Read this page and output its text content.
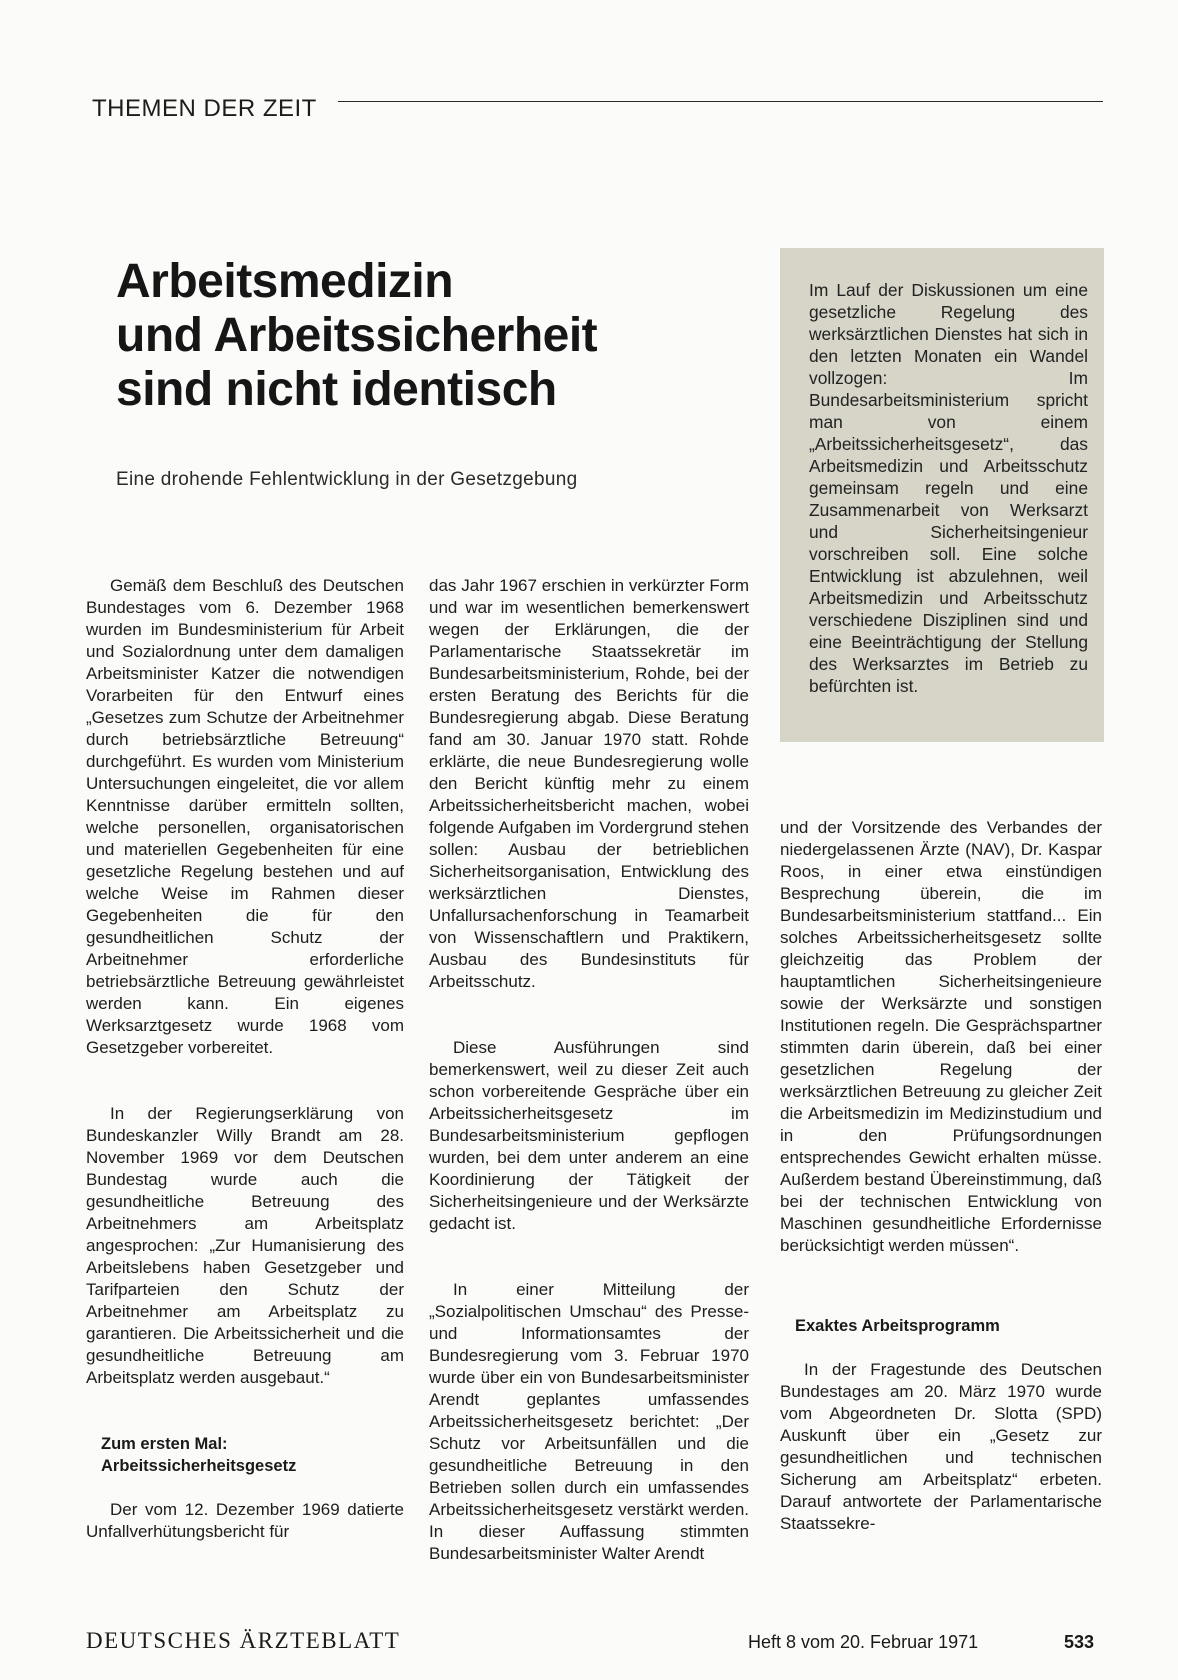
THEMEN DER ZEIT
Arbeitsmedizin
und Arbeitssicherheit
sind nicht identisch
Eine drohende Fehlentwicklung in der Gesetzgebung

Im Lauf der Diskussionen um eine gesetzliche Regelung des werksärztlichen Dienstes hat sich in den letzten Monaten ein Wandel vollzogen: Im Bundesarbeitsministerium spricht man von einem „Arbeitssicherheitsgesetz“, das Arbeitsmedizin und Arbeitsschutz gemeinsam regeln und eine Zusammenarbeit von Werksarzt und Sicherheitsingenieur vorschreiben soll. Eine solche Entwicklung ist abzulehnen, weil Arbeitsmedizin und Arbeitsschutz verschiedene Disziplinen sind und eine Beeinträchtigung der Stellung des Werksarztes im Betrieb zu befürchten ist.

Gemäß dem Beschluß des Deutschen Bundestages vom 6. Dezember 1968 wurden im Bundesministerium für Arbeit und Sozialordnung unter dem damaligen Arbeitsminister Katzer die notwendigen Vorarbeiten für den Entwurf eines „Gesetzes zum Schutze der Arbeitnehmer durch betriebsärztliche Betreuung“ durchgeführt. Es wurden vom Ministerium Untersuchungen eingeleitet, die vor allem Kenntnisse darüber ermitteln sollten, welche personellen, organisatorischen und materiellen Gegebenheiten für eine gesetzliche Regelung bestehen und auf welche Weise im Rahmen dieser Gegebenheiten die für den gesundheitlichen Schutz der Arbeitnehmer erforderliche betriebsärztliche Betreuung gewährleistet werden kann. Ein eigenes Werksarztgesetz wurde 1968 vom Gesetzgeber vorbereitet.

In der Regierungserklärung von Bundeskanzler Willy Brandt am 28. November 1969 vor dem Deutschen Bundestag wurde auch die gesundheitliche Betreuung des Arbeitnehmers am Arbeitsplatz angesprochen: „Zur Humanisierung des Arbeitslebens haben Gesetzgeber und Tarifparteien den Schutz der Arbeitnehmer am Arbeitsplatz zu garantieren. Die Arbeitssicherheit und die gesundheitliche Betreuung am Arbeitsplatz werden ausgebaut.“

Zum ersten Mal:
Arbeitssicherheitsgesetz

Der vom 12. Dezember 1969 datierte Unfallverhütungsbericht für

das Jahr 1967 erschien in verkürzter Form und war im wesentlichen bemerkenswert wegen der Erklärungen, die der Parlamentarische Staatssekretär im Bundesarbeitsministerium, Rohde, bei der ersten Beratung des Berichts für die Bundesregierung abgab. Diese Beratung fand am 30. Januar 1970 statt. Rohde erklärte, die neue Bundesregierung wolle den Bericht künftig mehr zu einem Arbeitssicherheitsbericht machen, wobei folgende Aufgaben im Vordergrund stehen sollen: Ausbau der betrieblichen Sicherheitsorganisation, Entwicklung des werksärztlichen Dienstes, Unfallursachenforschung in Teamarbeit von Wissenschaftlern und Praktikern, Ausbau des Bundesinstituts für Arbeitsschutz.

Diese Ausführungen sind bemerkenswert, weil zu dieser Zeit auch schon vorbereitende Gespräche über ein Arbeitssicherheitsgesetz im Bundesarbeitsministerium gepflogen wurden, bei dem unter anderem an eine Koordinierung der Tätigkeit der Sicherheitsingenieure und der Werksärzte gedacht ist.

In einer Mitteilung der „Sozialpolitischen Umschau“ des Presse- und Informationsamtes der Bundesregierung vom 3. Februar 1970 wurde über ein von Bundesarbeitsminister Arendt geplantes umfassendes Arbeitssicherheitsgesetz berichtet: „Der Schutz vor Arbeitsunfällen und die gesundheitliche Betreuung in den Betrieben sollen durch ein umfassendes Arbeitssicherheitsgesetz verstärkt werden. In dieser Auffassung stimmten Bundesarbeitsminister Walter Arendt

und der Vorsitzende des Verbandes der niedergelassenen Ärzte (NAV), Dr. Kaspar Roos, in einer etwa einstündigen Besprechung überein, die im Bundesarbeitsministerium stattfand... Ein solches Arbeitssicherheitsgesetz sollte gleichzeitig das Problem der hauptamtlichen Sicherheitsingenieure sowie der Werksärzte und sonstigen Institutionen regeln. Die Gesprächspartner stimmten darin überein, daß bei einer gesetzlichen Regelung der werksärztlichen Betreuung zu gleicher Zeit die Arbeitsmedizin im Medizinstudium und in den Prüfungsordnungen entsprechendes Gewicht erhalten müsse. Außerdem bestand Übereinstimmung, daß bei der technischen Entwicklung von Maschinen gesundheitliche Erfordernisse berücksichtigt werden müssen“.

Exaktes Arbeitsprogramm

In der Fragestunde des Deutschen Bundestages am 20. März 1970 wurde vom Abgeordneten Dr. Slotta (SPD) Auskunft über ein „Gesetz zur gesundheitlichen und technischen Sicherung am Arbeitsplatz“ erbeten. Darauf antwortete der Parlamentarische Staatssekre-

DEUTSCHES ÄRZTEBLATT	Heft 8 vom 20. Februar 1971	533
